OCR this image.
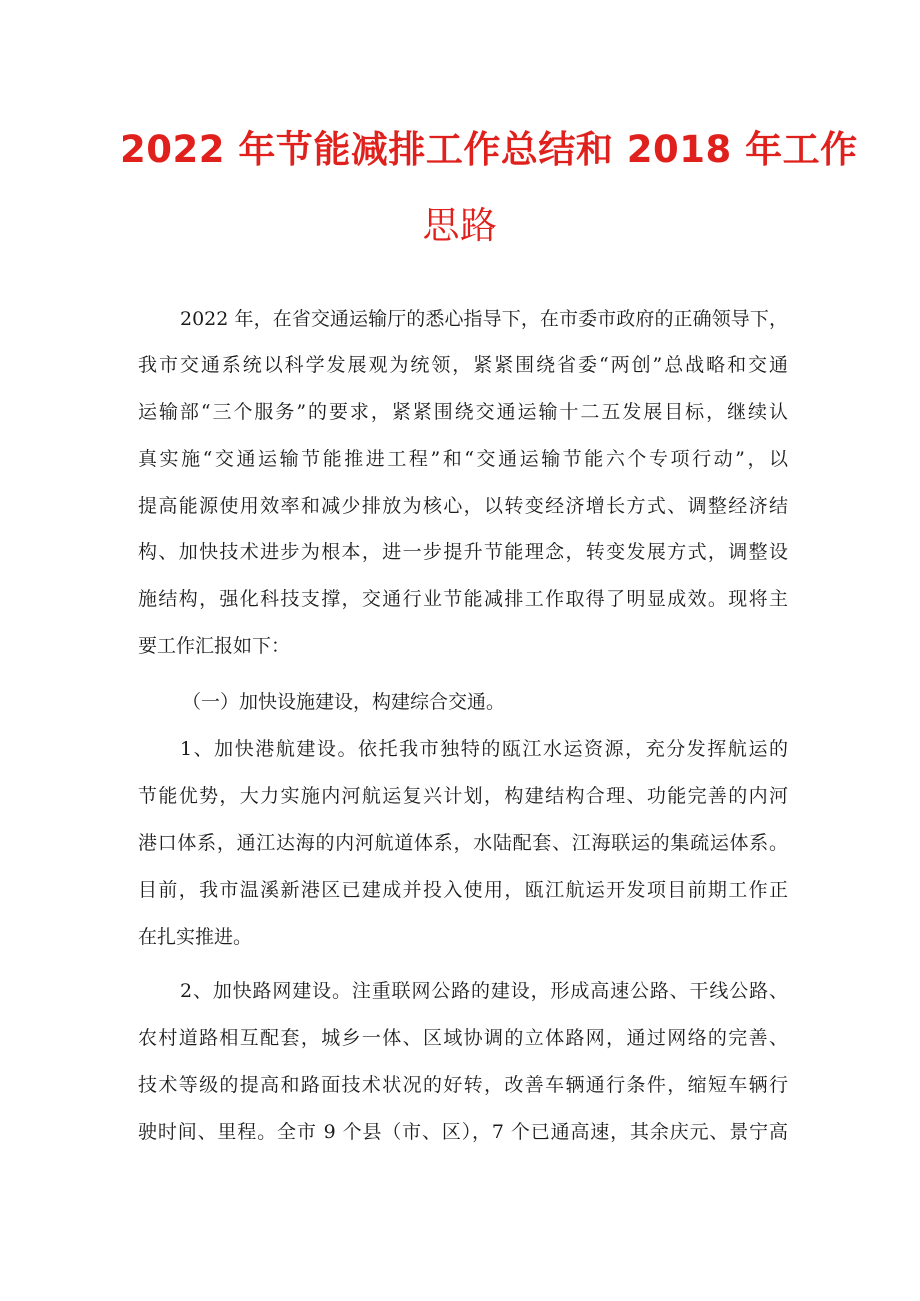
2022 年节能减排工作总结和 2018 年工作
思路
2022 年，在省交通运输厅的悉心指导下，在市委市政府的正确领导下，
我市交通系统以科学发展观为统领，紧紧围绕省委“两创”总战略和交通
运输部“三个服务”的要求，紧紧围绕交通运输十二五发展目标，继续认
真实施“交通运输节能推进工程”和“交通运输节能六个专项行动”，以
提高能源使用效率和减少排放为核心，以转变经济增长方式、调整经济结
构、加快技术进步为根本，进一步提升节能理念，转变发展方式，调整设
施结构，强化科技支撑，交通行业节能减排工作取得了明显成效。现将主
要工作汇报如下：
（一）加快设施建设，构建综合交通。
1、加快港航建设。依托我市独特的瓯江水运资源，充分发挥航运的
节能优势，大力实施内河航运复兴计划，构建结构合理、功能完善的内河
港口体系，通江达海的内河航道体系，水陆配套、江海联运的集疏运体系。
目前，我市温溪新港区已建成并投入使用，瓯江航运开发项目前期工作正
在扎实推进。
2、加快路网建设。注重联网公路的建设，形成高速公路、干线公路、
农村道路相互配套，城乡一体、区域协调的立体路网，通过网络的完善、
技术等级的提高和路面技术状况的好转，改善车辆通行条件，缩短车辆行
驶时间、里程。全市 9 个县（市、区），7 个已通高速，其余庆元、景宁高
